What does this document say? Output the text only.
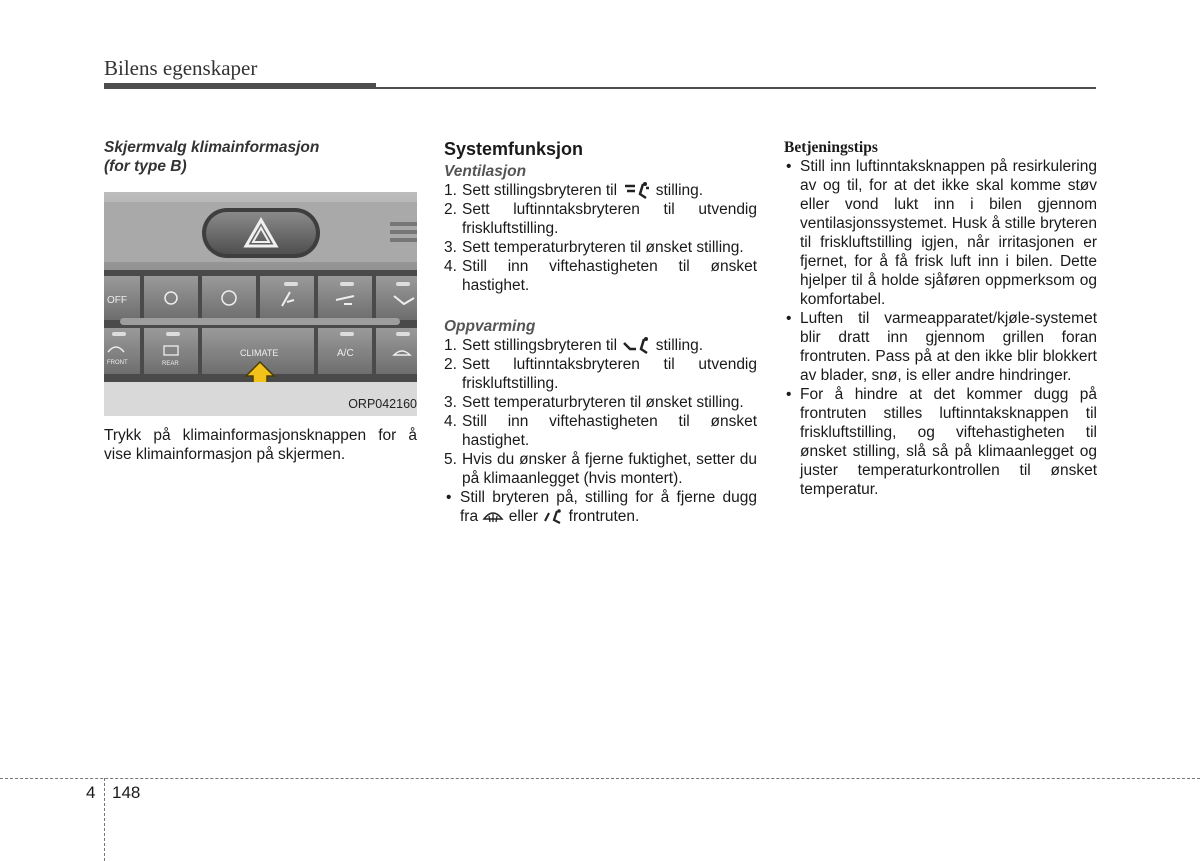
Bilens egenskaper
Skjermvalg klimainformasjon
(for type B)
OFF
FRONT	REAR
CLIMATE	A/C
ORP042160
Trykk på klimainformasjonsknappen for å vise klimainformasjon på skjermen.
Systemfunksjon
Ventilasjon
1. Sett stillingsbryteren til stilling.
2. Sett luftinntaksbryteren til utvendig friskluftstilling.
3. Sett temperaturbryteren til ønsket stilling.
4. Still inn viftehastigheten til ønsket hastighet.
Oppvarming
1. Sett stillingsbryteren til stilling.
2. Sett luftinntaksbryteren til utvendig friskluftstilling.
3. Sett temperaturbryteren til ønsket stilling.
4. Still inn viftehastigheten til ønsket hastighet.
5. Hvis du ønsker å fjerne fuktighet, setter du på klimaanlegget (hvis montert).
• Still bryteren på, stilling for å fjerne dugg fra eller frontruten.
Betjeningstips
• Still inn luftinntaksknappen på resirkulering av og til, for at det ikke skal komme støv eller vond lukt inn i bilen gjennom ventilasjonssystemet. Husk å stille bryteren til friskluftstilling igjen, når irritasjonen er fjernet, for å få frisk luft inn i bilen. Dette hjelper til å holde sjåføren oppmerksom og komfortabel.
• Luften til varmeapparatet/kjøle-systemet blir dratt inn gjennom grillen foran frontruten. Pass på at den ikke blir blokkert av blader, snø, is eller andre hindringer.
• For å hindre at det kommer dugg på frontruten stilles luftinntaksknappen til friskluftstilling, og viftehastigheten til ønsket stilling, slå så på klimaanlegget og juster temperaturkontrollen til ønsket temperatur.
4 148
